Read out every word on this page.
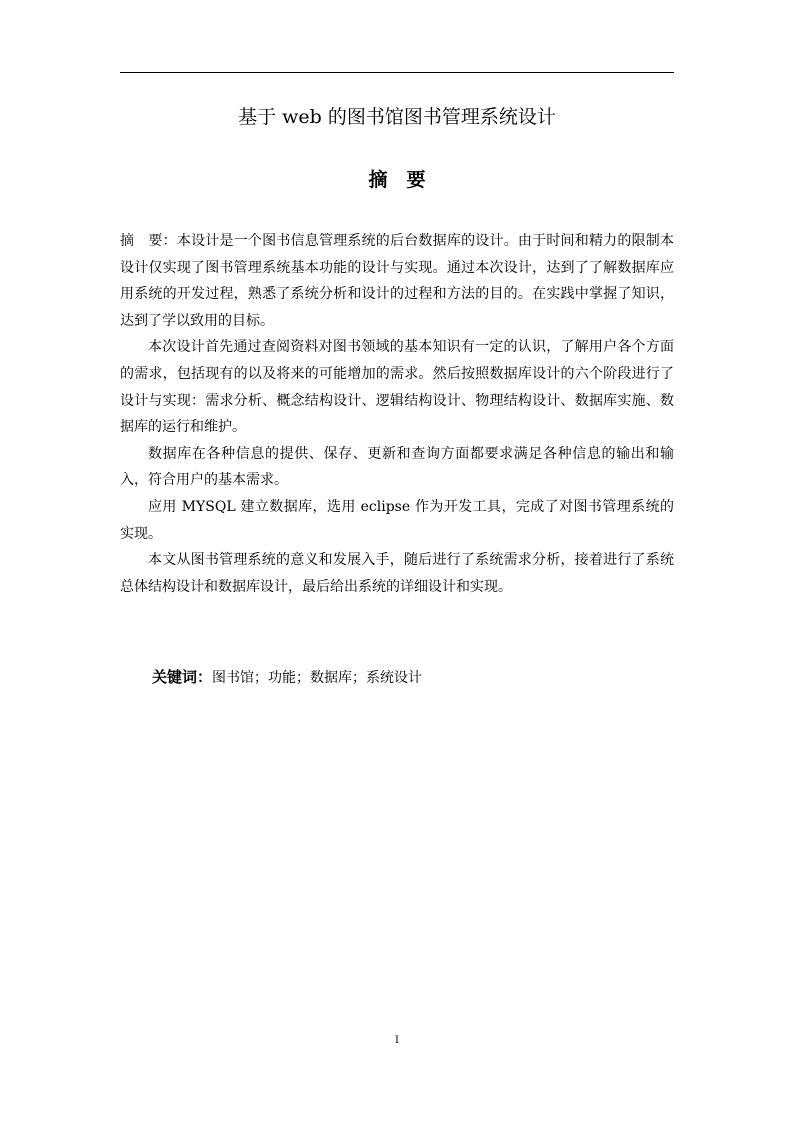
基于 web 的图书馆图书管理系统设计
摘 要

摘 要：本设计是一个图书信息管理系统的后台数据库的设计。由于时间和精力的限制本设计仅实现了图书管理系统基本功能的设计与实现。通过本次设计，达到了了解数据库应用系统的开发过程，熟悉了系统分析和设计的过程和方法的目的。在实践中掌握了知识，达到了学以致用的目标。

本次设计首先通过查阅资料对图书领域的基本知识有一定的认识，了解用户各个方面的需求，包括现有的以及将来的可能增加的需求。然后按照数据库设计的六个阶段进行了设计与实现：需求分析、概念结构设计、逻辑结构设计、物理结构设计、数据库实施、数据库的运行和维护。

数据库在各种信息的提供、保存、更新和查询方面都要求满足各种信息的输出和输入，符合用户的基本需求。

应用 MYSQL 建立数据库，选用 eclipse 作为开发工具，完成了对图书管理系统的实现。

本文从图书管理系统的意义和发展入手，随后进行了系统需求分析，接着进行了系统总体结构设计和数据库设计，最后给出系统的详细设计和实现。

关键词：图书馆；功能；数据库；系统设计

I
